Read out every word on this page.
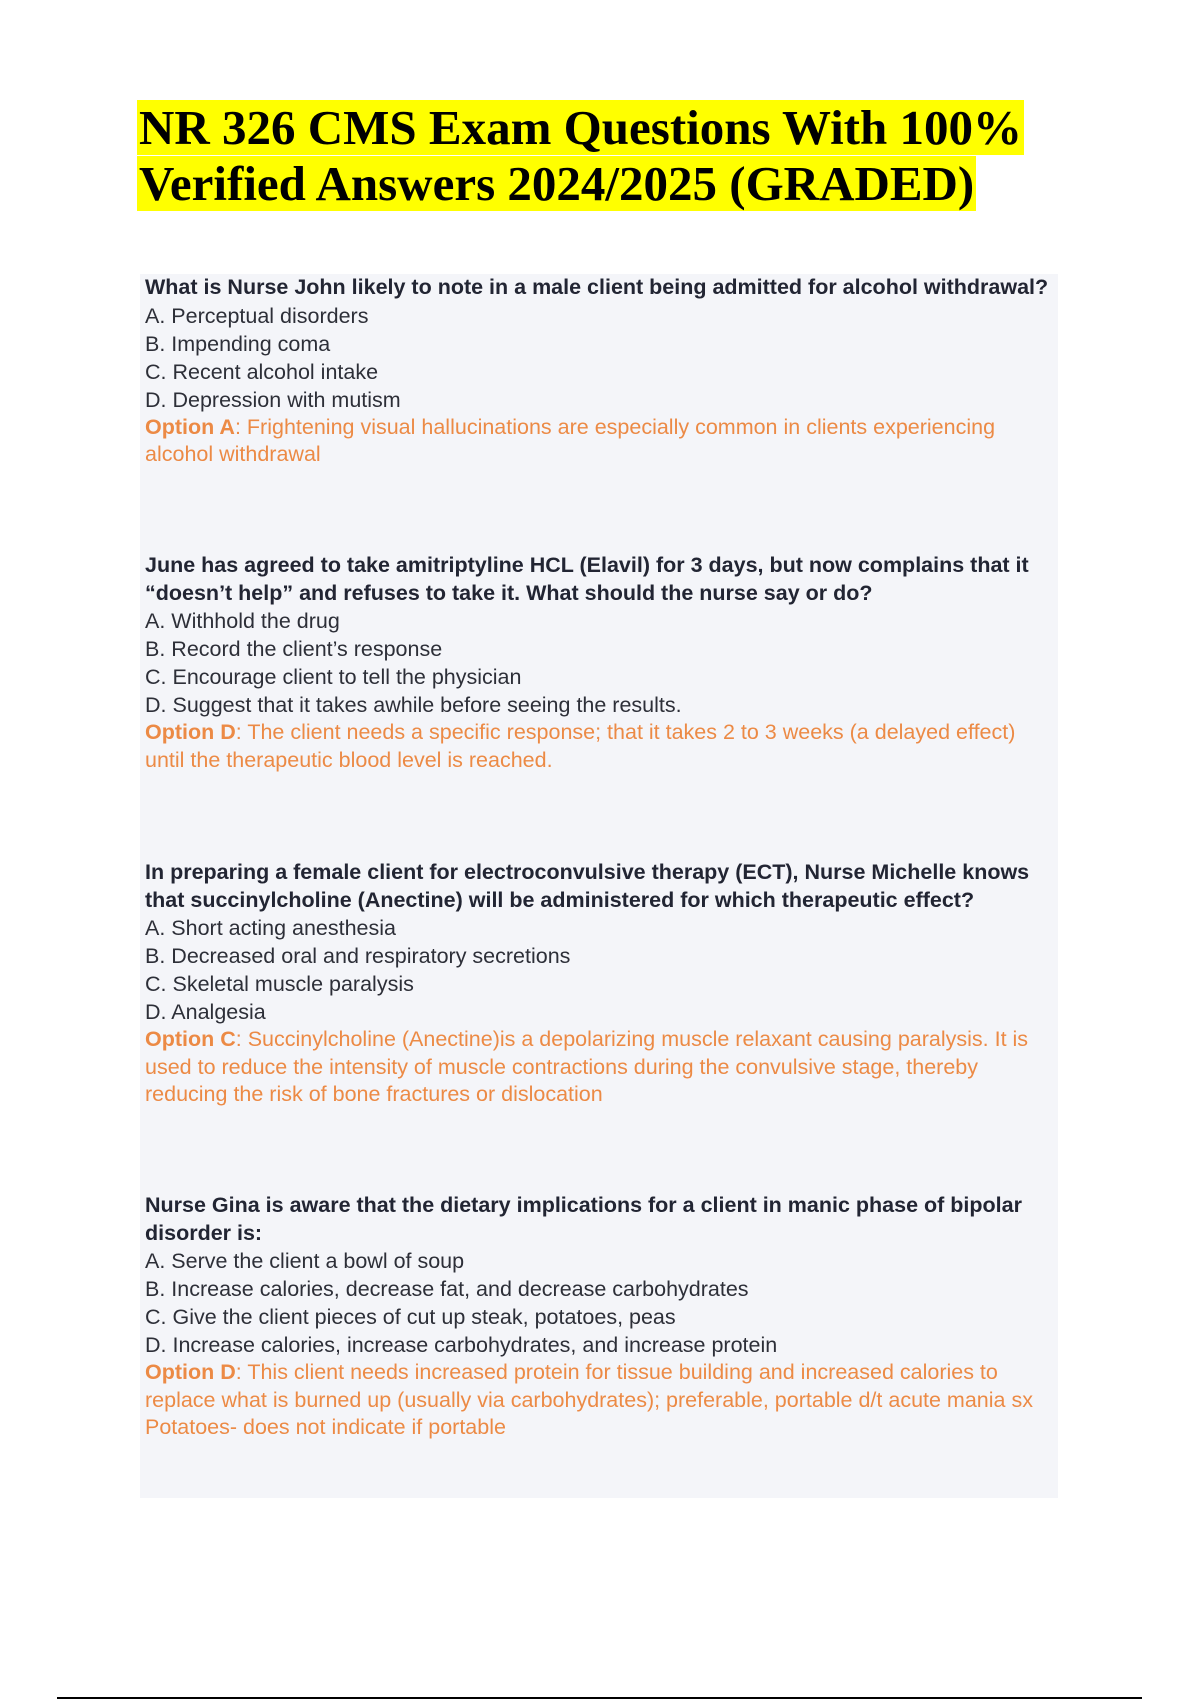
NR 326 CMS Exam Questions With 100% Verified Answers 2024/2025 (GRADED)
What is Nurse John likely to note in a male client being admitted for alcohol withdrawal?
A. Perceptual disorders
B. Impending coma
C. Recent alcohol intake
D. Depression with mutism
Option A: Frightening visual hallucinations are especially common in clients experiencing alcohol withdrawal
June has agreed to take amitriptyline HCL (Elavil) for 3 days, but now complains that it “doesn’t help” and refuses to take it. What should the nurse say or do?
A. Withhold the drug
B. Record the client’s response
C. Encourage client to tell the physician
D. Suggest that it takes awhile before seeing the results.
Option D: The client needs a specific response; that it takes 2 to 3 weeks (a delayed effect) until the therapeutic blood level is reached.
In preparing a female client for electroconvulsive therapy (ECT), Nurse Michelle knows that succinylcholine (Anectine) will be administered for which therapeutic effect?
A. Short acting anesthesia
B. Decreased oral and respiratory secretions
C. Skeletal muscle paralysis
D. Analgesia
Option C: Succinylcholine (Anectine)is a depolarizing muscle relaxant causing paralysis. It is used to reduce the intensity of muscle contractions during the convulsive stage, thereby reducing the risk of bone fractures or dislocation
Nurse Gina is aware that the dietary implications for a client in manic phase of bipolar disorder is:
A. Serve the client a bowl of soup
B. Increase calories, decrease fat, and decrease carbohydrates
C. Give the client pieces of cut up steak, potatoes, peas
D. Increase calories, increase carbohydrates, and increase protein
Option D: This client needs increased protein for tissue building and increased calories to replace what is burned up (usually via carbohydrates); preferable, portable d/t acute mania sx
Potatoes- does not indicate if portable
